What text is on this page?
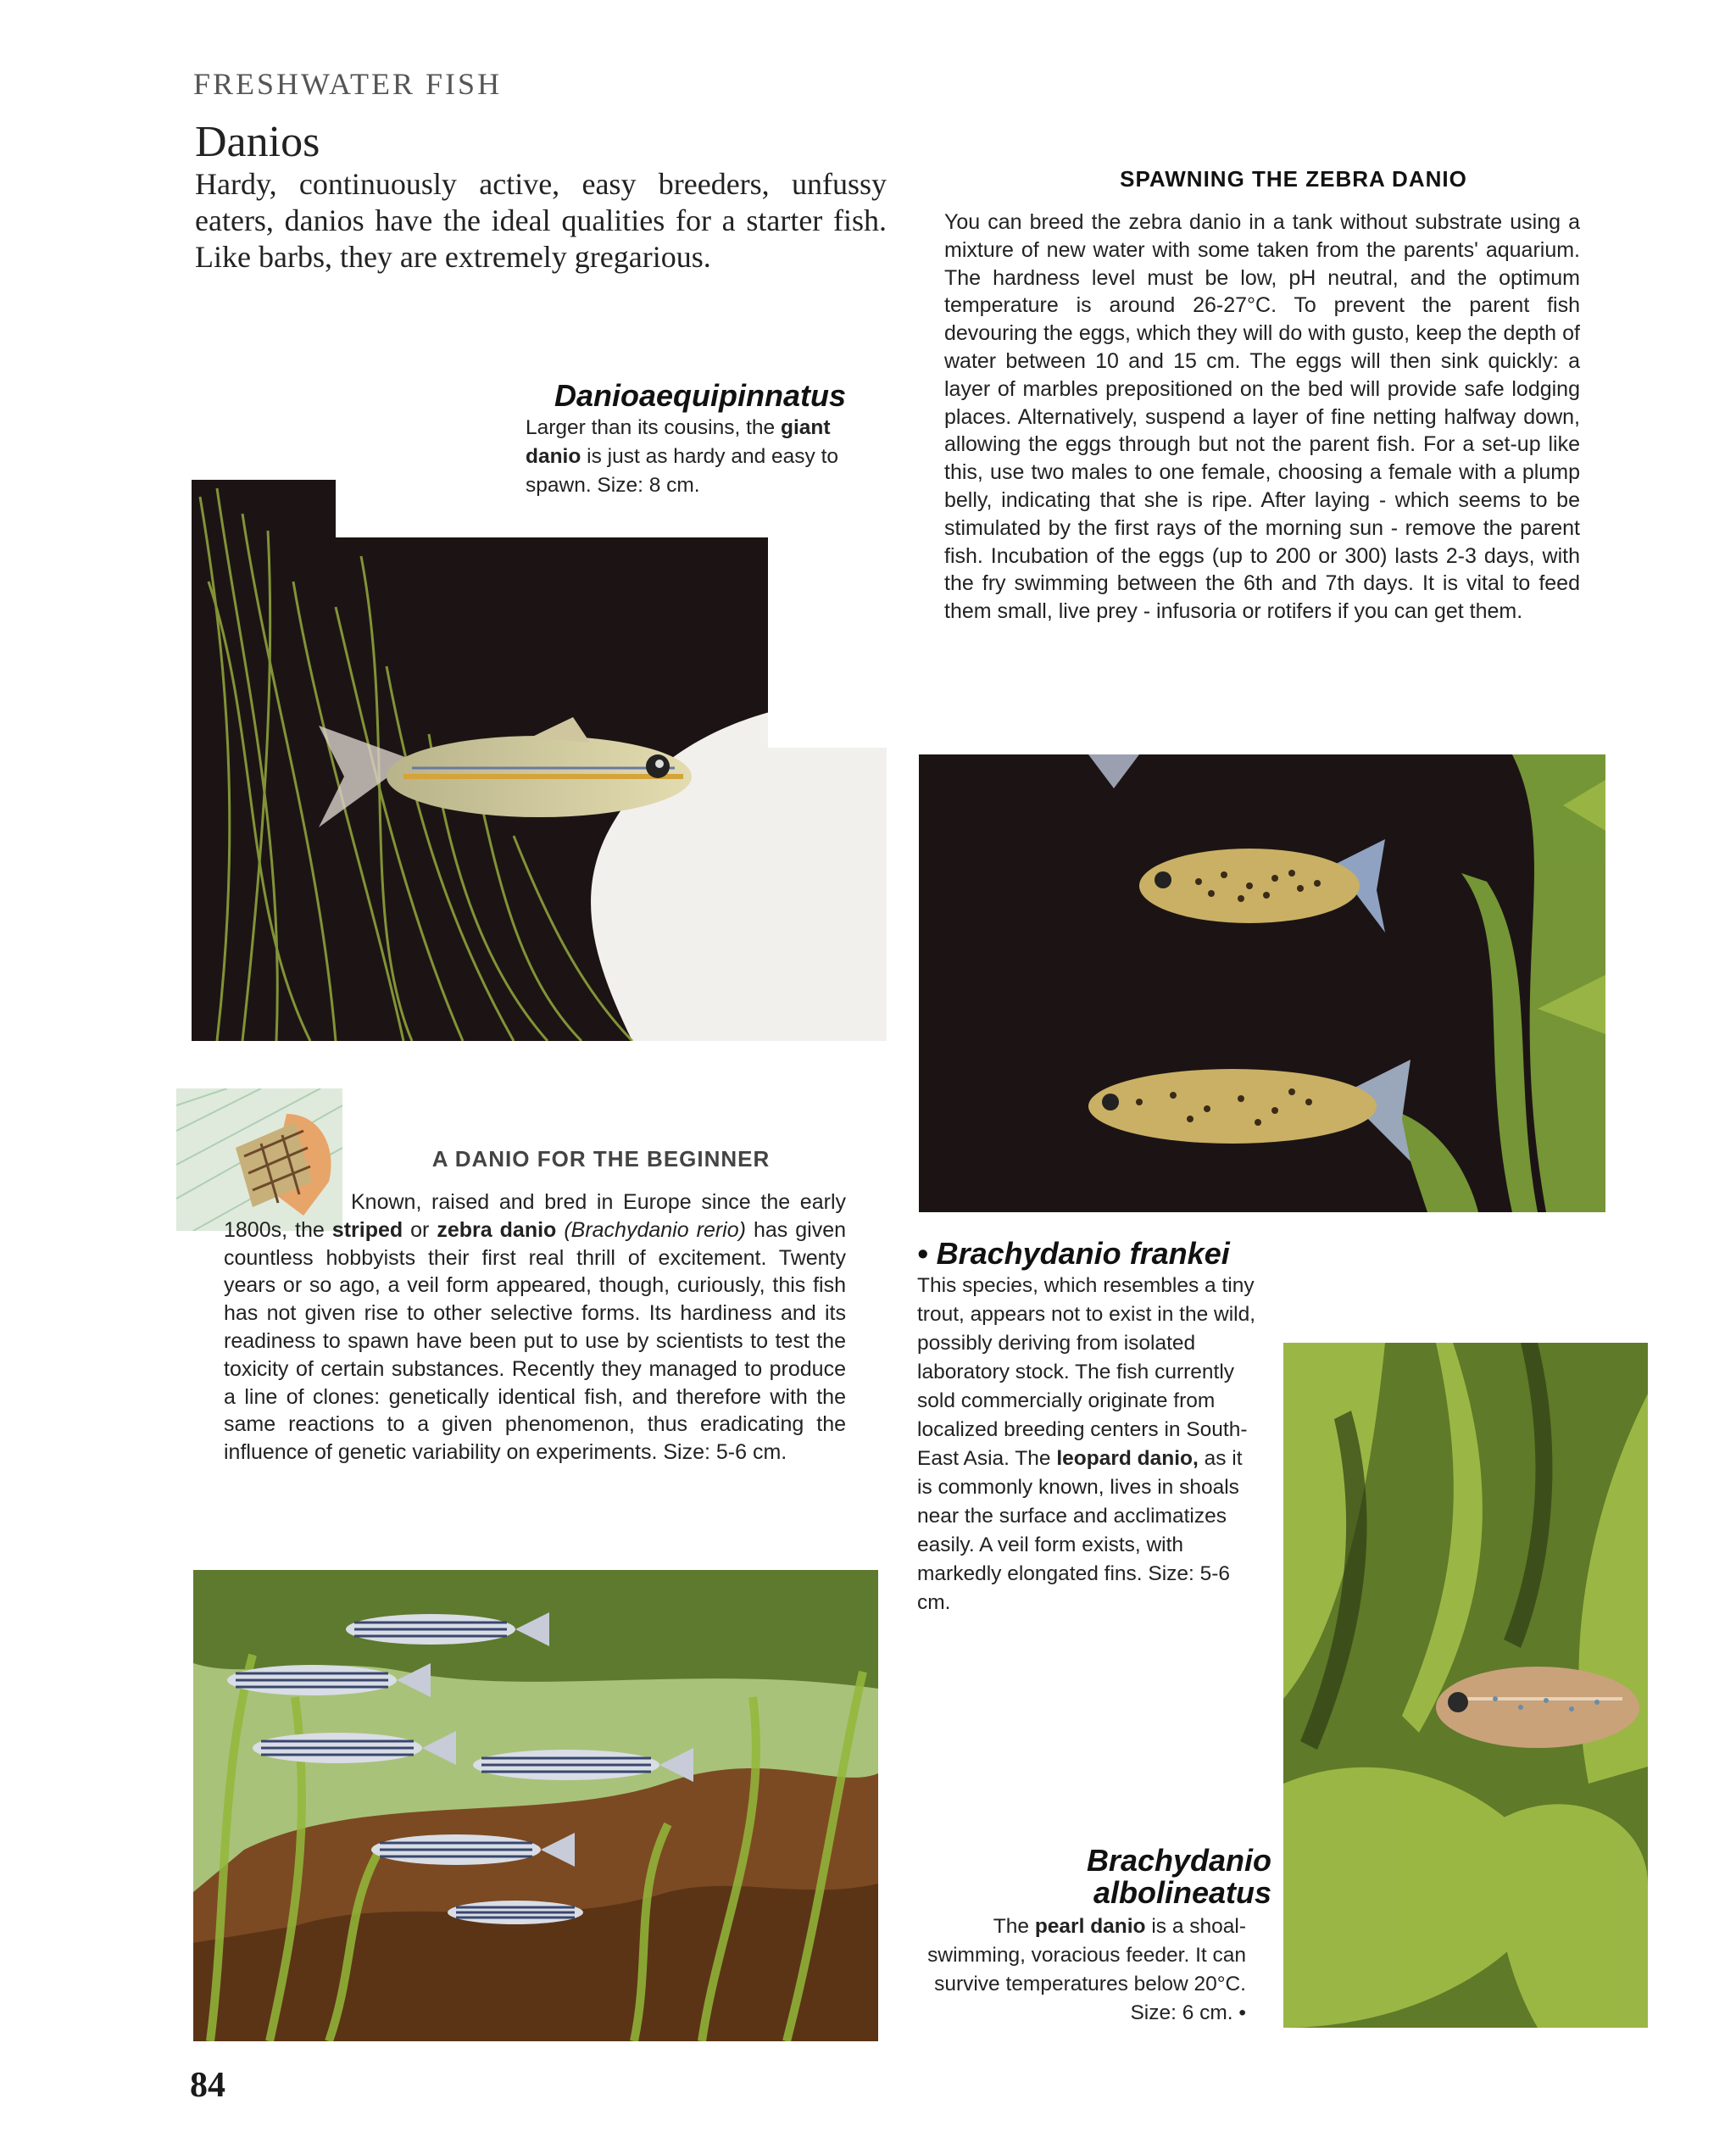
FRESHWATER FISH
Danios
Hardy, continuously active, easy breeders, unfussy eaters, danios have the ideal qualities for a starter fish. Like barbs, they are extremely gregarious.
SPAWNING THE ZEBRA DANIO
You can breed the zebra danio in a tank without substrate using a mixture of new water with some taken from the parents' aquarium. The hardness level must be low, pH neutral, and the optimum temperature is around 26-27°C. To prevent the parent fish devouring the eggs, which they will do with gusto, keep the depth of water between 10 and 15 cm. The eggs will then sink quickly: a layer of marbles prepositioned on the bed will provide safe lodging places. Alternatively, suspend a layer of fine netting halfway down, allowing the eggs through but not the parent fish. For a set-up like this, use two males to one female, choosing a female with a plump belly, indicating that she is ripe. After laying - which seems to be stimulated by the first rays of the morning sun - remove the parent fish. Incubation of the eggs (up to 200 or 300) lasts 2-3 days, with the fry swimming between the 6th and 7th days. It is vital to feed them small, live prey - infusoria or rotifers if you can get them.
Danioaequipinnatus
Larger than its cousins, the giant danio is just as hardy and easy to spawn. Size: 8 cm.
A DANIO FOR THE BEGINNER
Known, raised and bred in Europe since the early 1800s, the striped or zebra danio (Brachydanio rerio) has given countless hobbyists their first real thrill of excitement. Twenty years or so ago, a veil form appeared, though, curiously, this fish has not given rise to other selective forms. Its hardiness and its readiness to spawn have been put to use by scientists to test the toxicity of certain substances. Recently they managed to produce a line of clones: genetically identical fish, and therefore with the same reactions to a given phenomenon, thus eradicating the influence of genetic variability on experiments. Size: 5-6 cm.
• Brachydanio frankei
This species, which resembles a tiny trout, appears not to exist in the wild, possibly deriving from isolated laboratory stock. The fish currently sold commercially originate from localized breeding centers in South-East Asia. The leopard danio, as it is commonly known, lives in shoals near the surface and acclimatizes easily. A veil form exists, with markedly elongated fins. Size: 5-6 cm.
Brachydanio
albolineatus
The pearl danio is a shoal-swimming, voracious feeder. It can survive temperatures below 20°C. Size: 6 cm. •
84
